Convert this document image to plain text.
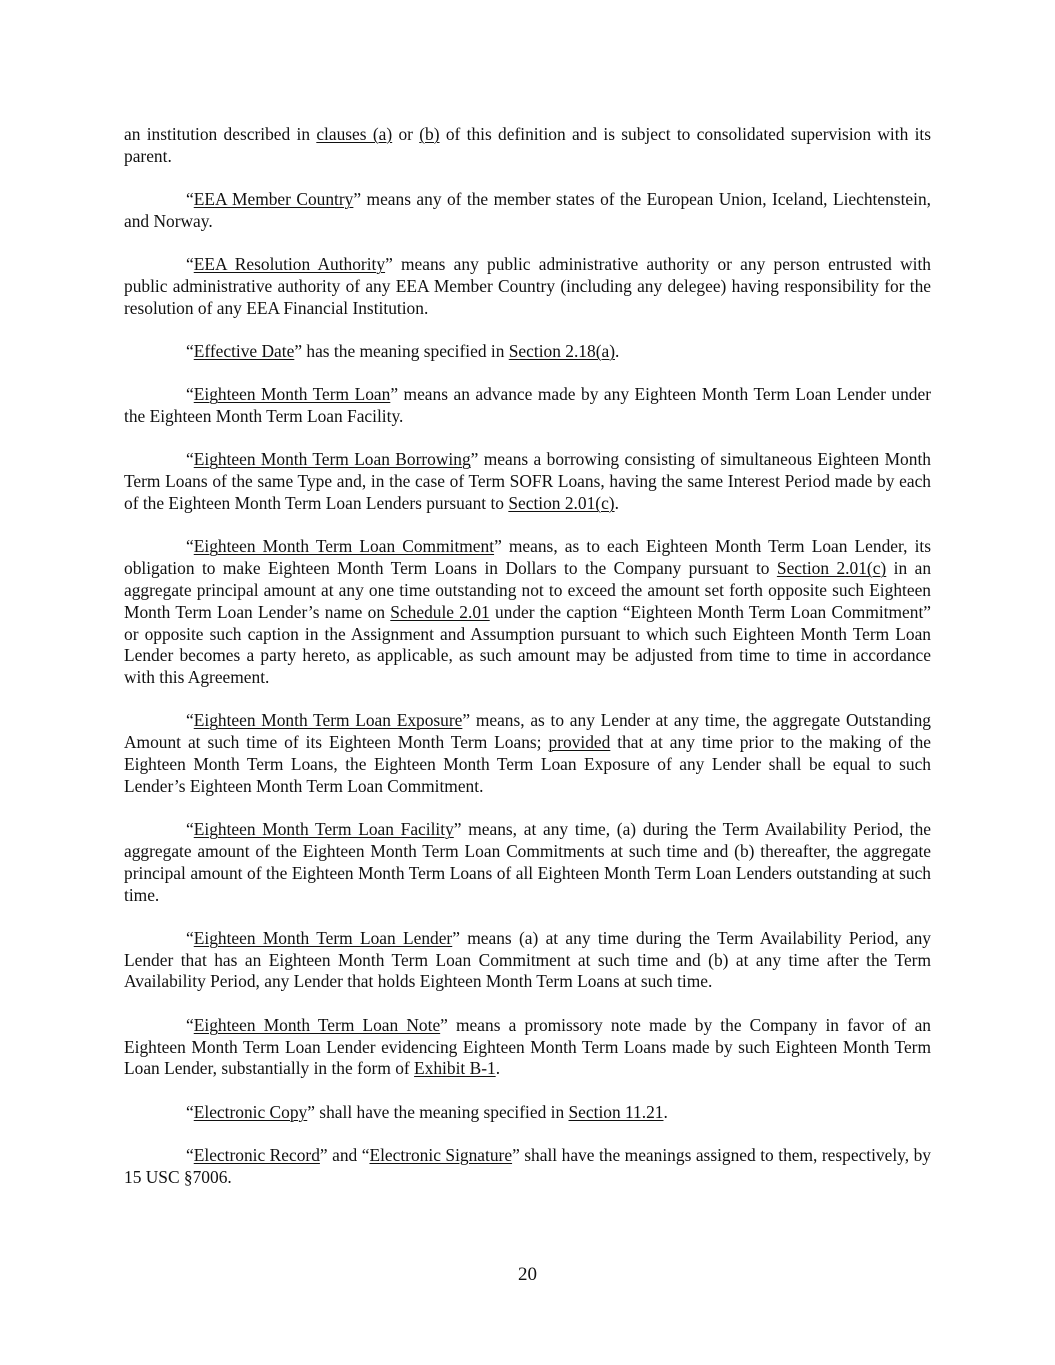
an institution described in clauses (a) or (b) of this definition and is subject to consolidated supervision with its parent.

“EEA Member Country” means any of the member states of the European Union, Iceland, Liechtenstein, and Norway.

“EEA Resolution Authority” means any public administrative authority or any person entrusted with public administrative authority of any EEA Member Country (including any delegee) having responsibility for the resolution of any EEA Financial Institution.

“Effective Date” has the meaning specified in Section 2.18(a).

“Eighteen Month Term Loan” means an advance made by any Eighteen Month Term Loan Lender under the Eighteen Month Term Loan Facility.

“Eighteen Month Term Loan Borrowing” means a borrowing consisting of simultaneous Eighteen Month Term Loans of the same Type and, in the case of Term SOFR Loans, having the same Interest Period made by each of the Eighteen Month Term Loan Lenders pursuant to Section 2.01(c).

“Eighteen Month Term Loan Commitment” means, as to each Eighteen Month Term Loan Lender, its obligation to make Eighteen Month Term Loans in Dollars to the Company pursuant to Section 2.01(c) in an aggregate principal amount at any one time outstanding not to exceed the amount set forth opposite such Eighteen Month Term Loan Lender’s name on Schedule 2.01 under the caption “Eighteen Month Term Loan Commitment” or opposite such caption in the Assignment and Assumption pursuant to which such Eighteen Month Term Loan Lender becomes a party hereto, as applicable, as such amount may be adjusted from time to time in accordance with this Agreement.

“Eighteen Month Term Loan Exposure” means, as to any Lender at any time, the aggregate Outstanding Amount at such time of its Eighteen Month Term Loans; provided that at any time prior to the making of the Eighteen Month Term Loans, the Eighteen Month Term Loan Exposure of any Lender shall be equal to such Lender’s Eighteen Month Term Loan Commitment.

“Eighteen Month Term Loan Facility” means, at any time, (a) during the Term Availability Period, the aggregate amount of the Eighteen Month Term Loan Commitments at such time and (b) thereafter, the aggregate principal amount of the Eighteen Month Term Loans of all Eighteen Month Term Loan Lenders outstanding at such time.

“Eighteen Month Term Loan Lender” means (a) at any time during the Term Availability Period, any Lender that has an Eighteen Month Term Loan Commitment at such time and (b) at any time after the Term Availability Period, any Lender that holds Eighteen Month Term Loans at such time.

“Eighteen Month Term Loan Note” means a promissory note made by the Company in favor of an Eighteen Month Term Loan Lender evidencing Eighteen Month Term Loans made by such Eighteen Month Term Loan Lender, substantially in the form of Exhibit B-1.

“Electronic Copy” shall have the meaning specified in Section 11.21.

“Electronic Record” and “Electronic Signature” shall have the meanings assigned to them, respectively, by 15 USC §7006.

20
